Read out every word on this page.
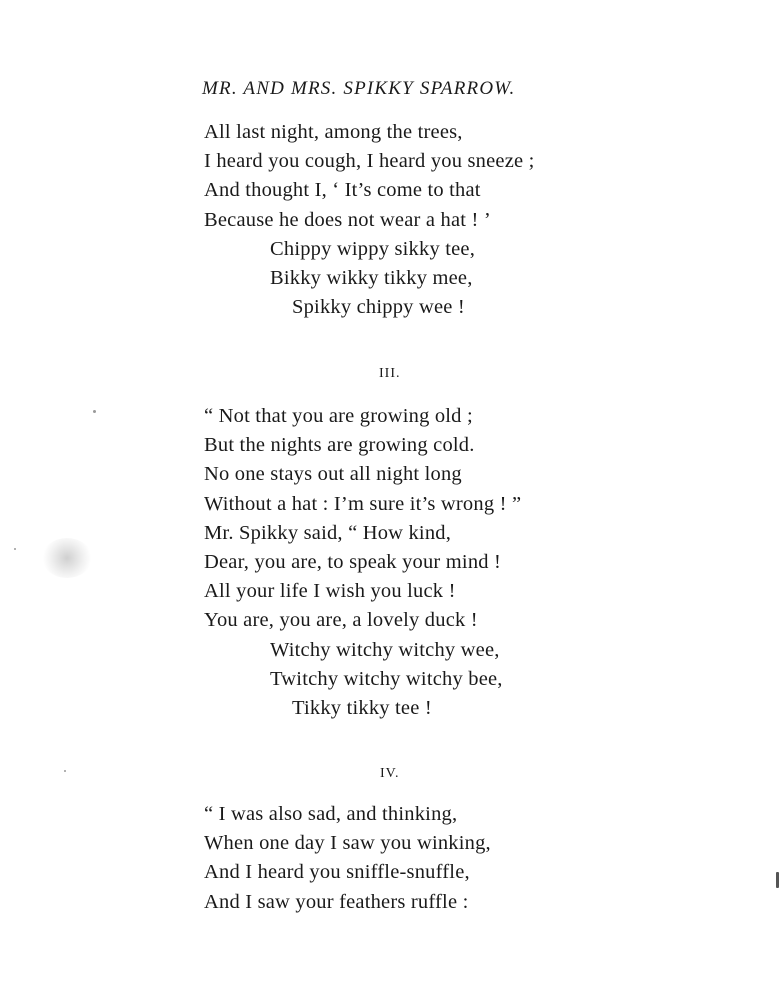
MR. AND MRS. SPIKKY SPARROW.
All last night, among the trees,
I heard you cough, I heard you sneeze ;
And thought I, ‘ It’s come to that
Because he does not wear a hat ! ’
Chippy wippy sikky tee,
Bikky wikky tikky mee,
Spikky chippy wee !
III.
“ Not that you are growing old ;
But the nights are growing cold.
No one stays out all night long
Without a hat : I’m sure it’s wrong ! ”
Mr. Spikky said, “ How kind,
Dear, you are, to speak your mind !
All your life I wish you luck !
You are, you are, a lovely duck !
Witchy witchy witchy wee,
Twitchy witchy witchy bee,
Tikky tikky tee !
IV.
“ I was also sad, and thinking,
When one day I saw you winking,
And I heard you sniffle-snuffle,
And I saw your feathers ruffle :
